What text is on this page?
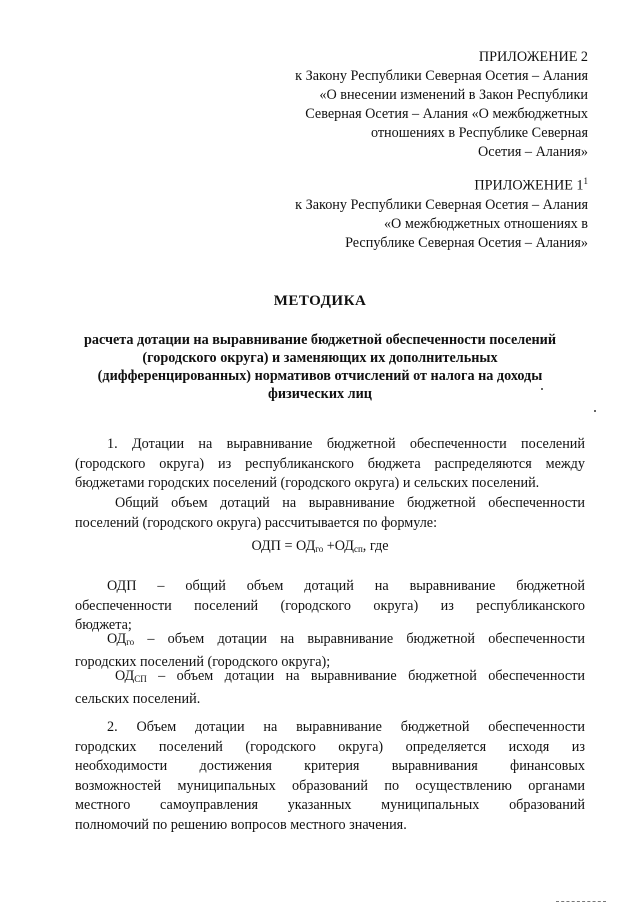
ПРИЛОЖЕНИЕ 2
к Закону Республики Северная Осетия – Алания
«О внесении изменений в Закон Республики
Северная Осетия – Алания «О межбюджетных
отношениях в Республике Северная
Осетия – Алания»
ПРИЛОЖЕНИЕ $1^1$
к Закону Республики Северная Осетия – Алания
«О межбюджетных отношениях в
Республике Северная Осетия – Алания»
МЕТОДИКА
расчета дотации на выравнивание бюджетной обеспеченности поселений
(городского округа) и заменяющих их дополнительных
(дифференцированных) нормативов отчислений от налога на доходы
физических лиц
1. Дотации на выравнивание бюджетной обеспеченности поселений
(городского округа) из республиканского бюджета распределяются между
бюджетами городских поселений (городского округа) и сельских поселений.
Общий объем дотаций на выравнивание бюджетной обеспеченности
поселений (городского округа) рассчитывается по формуле:
ОДП = $ОД_{го} +ОД_{сп}$, где
ОДП – общий объем дотаций на выравнивание бюджетной
обеспеченности поселений (городского округа) из республиканского
бюджета;
$ОД_{го}$ – объем дотации на выравнивание бюджетной обеспеченности
городских поселений (городского округа);
$ОД_{СП}$ – объем дотации на выравнивание бюджетной обеспеченности
сельских поселений.
2. Объем дотации на выравнивание бюджетной обеспеченности
городских поселений (городского округа) определяется исходя из
необходимости достижения критерия выравнивания финансовых
возможностей муниципальных образований по осуществлению органами
местного самоуправления указанных муниципальных образований
полномочий по решению вопросов местного значения.
